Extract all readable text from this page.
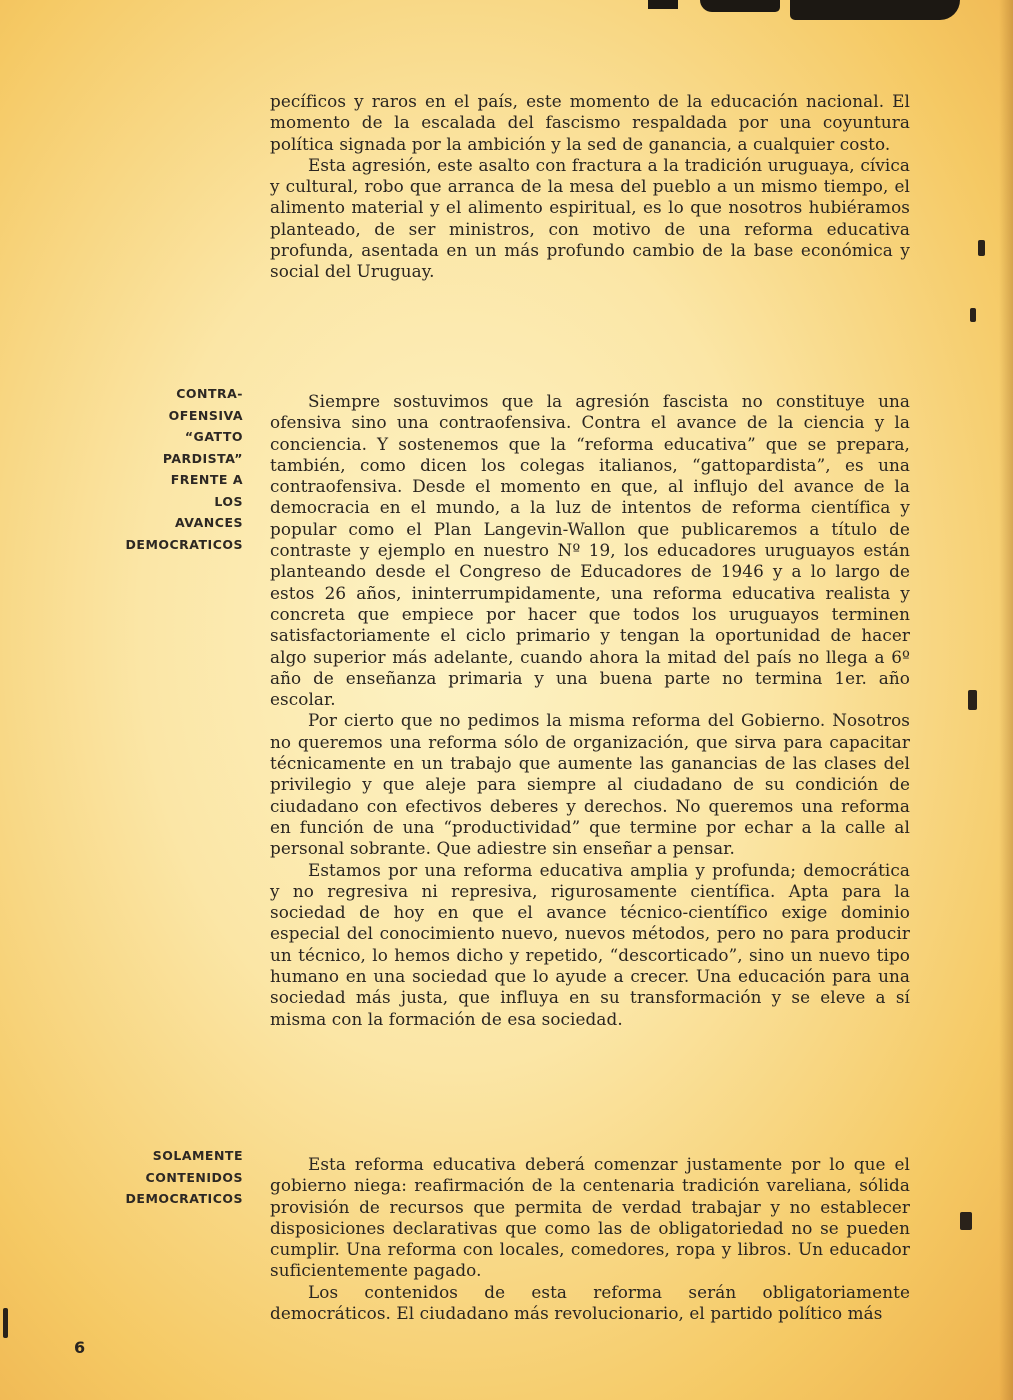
pecíficos y raros en el país, este momento de la educación nacional. El momento de la escalada del fascismo respaldada por una coyuntura política signada por la ambición y la sed de ganancia, a cualquier costo.

Esta agresión, este asalto con fractura a la tradición uruguaya, cívica y cultural, robo que arranca de la mesa del pueblo a un mismo tiempo, el alimento material y el alimento espiritual, es lo que nosotros hubiéramos planteado, de ser ministros, con motivo de una reforma educativa profunda, asentada en un más profundo cambio de la base económica y social del Uruguay.

CONTRA-
OFENSIVA
“GATTO
PARDISTA”
FRENTE A
LOS
AVANCES
DEMOCRATICOS

Siempre sostuvimos que la agresión fascista no constituye una ofensiva sino una contraofensiva. Contra el avance de la ciencia y la conciencia. Y sostenemos que la “reforma educativa” que se prepara, también, como dicen los colegas italianos, “gattopardista”, es una contraofensiva. Desde el momento en que, al influjo del avance de la democracia en el mundo, a la luz de intentos de reforma científica y popular como el Plan Langevin-Wallon que publicaremos a título de contraste y ejemplo en nuestro Nº 19, los educadores uruguayos están planteando desde el Congreso de Educadores de 1946 y a lo largo de estos 26 años, ininterrumpidamente, una reforma educativa realista y concreta que empiece por hacer que todos los uruguayos terminen satisfactoriamente el ciclo primario y tengan la oportunidad de hacer algo superior más adelante, cuando ahora la mitad del país no llega a 6º año de enseñanza primaria y una buena parte no termina 1er. año escolar.

Por cierto que no pedimos la misma reforma del Gobierno. Nosotros no queremos una reforma sólo de organización, que sirva para capacitar técnicamente en un trabajo que aumente las ganancias de las clases del privilegio y que aleje para siempre al ciudadano de su condición de ciudadano con efectivos deberes y derechos. No queremos una reforma en función de una “productividad” que termine por echar a la calle al personal sobrante. Que adiestre sin enseñar a pensar.

Estamos por una reforma educativa amplia y profunda; democrática y no regresiva ni represiva, rigurosamente científica. Apta para la sociedad de hoy en que el avance técnico-científico exige dominio especial del conocimiento nuevo, nuevos métodos, pero no para producir un técnico, lo hemos dicho y repetido, “descorticado”, sino un nuevo tipo humano en una sociedad que lo ayude a crecer. Una educación para una sociedad más justa, que influya en su transformación y se eleve a sí misma con la formación de esa sociedad.

SOLAMENTE
CONTENIDOS
DEMOCRATICOS

Esta reforma educativa deberá comenzar justamente por lo que el gobierno niega: reafirmación de la centenaria tradición vareliana, sólida provisión de recursos que permita de verdad trabajar y no establecer disposiciones declarativas que como las de obligatoriedad no se pueden cumplir. Una reforma con locales, comedores, ropa y libros. Un educador suficientemente pagado.

Los contenidos de esta reforma serán obligatoriamente democráticos. El ciudadano más revolucionario, el partido político más

6
